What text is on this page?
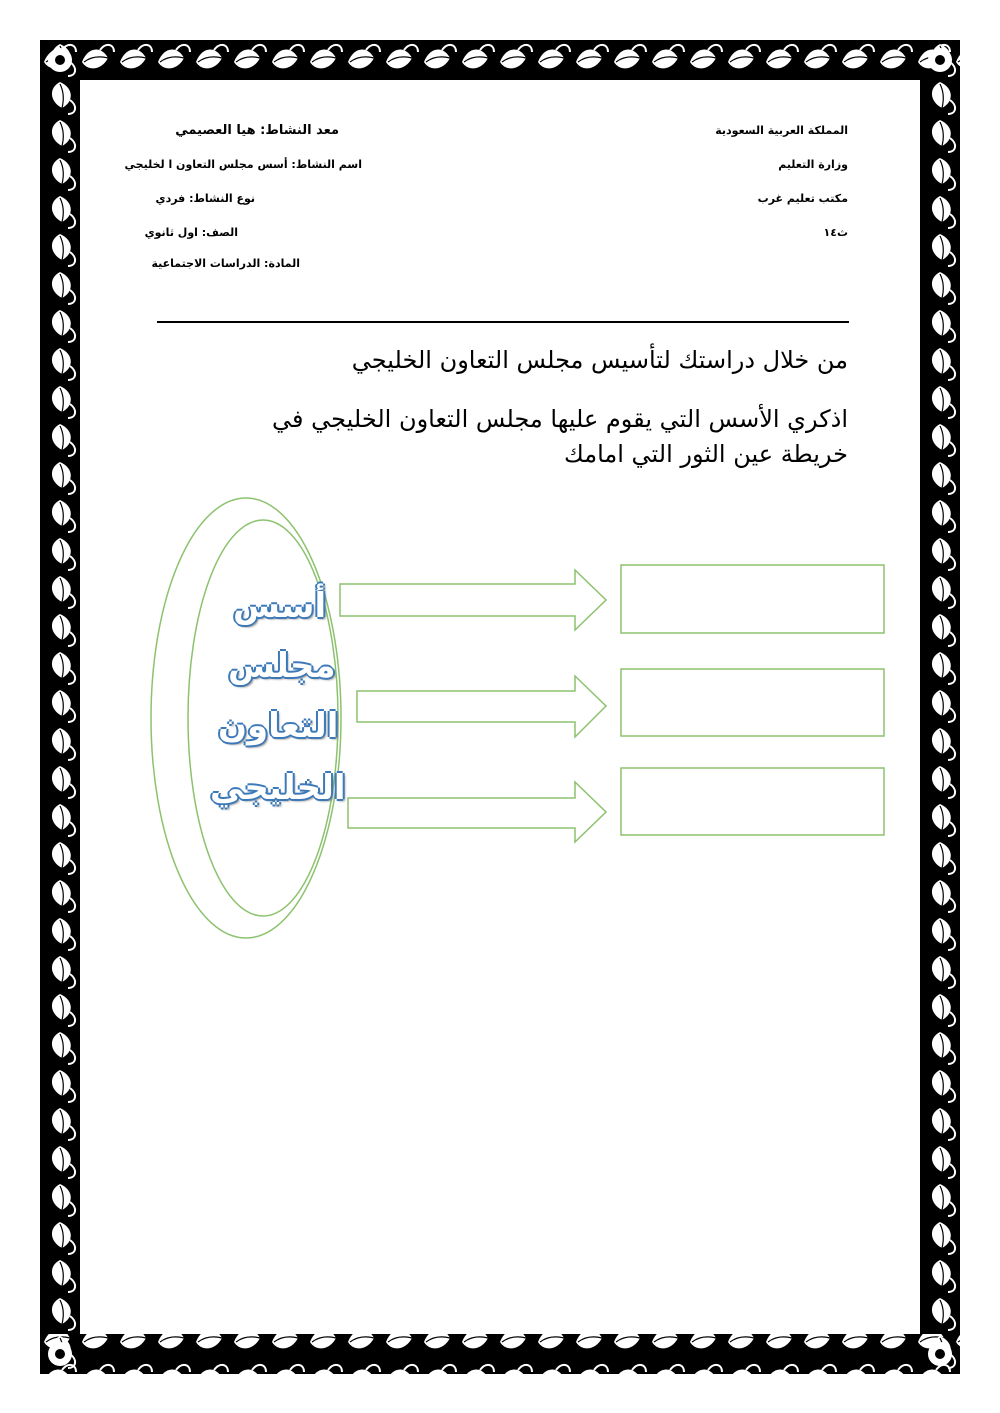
المملكة العربية السعودية
وزارة التعليم
مكتب تعليم غرب
ث١٤
معد النشاط: هيا العصيمي
اسم النشاط: أسس مجلس التعاون ا لخليجي
نوع النشاط: فردي
الصف: اول ثانوي
المادة: الدراسات الاجتماعية
من خلال دراستك لتأسيس مجلس التعاون الخليجي
اذكري الأسس التي يقوم عليها مجلس التعاون الخليجي في خريطة عين الثور التي امامك
أسس
مجلس
التعاون
الخليجي
